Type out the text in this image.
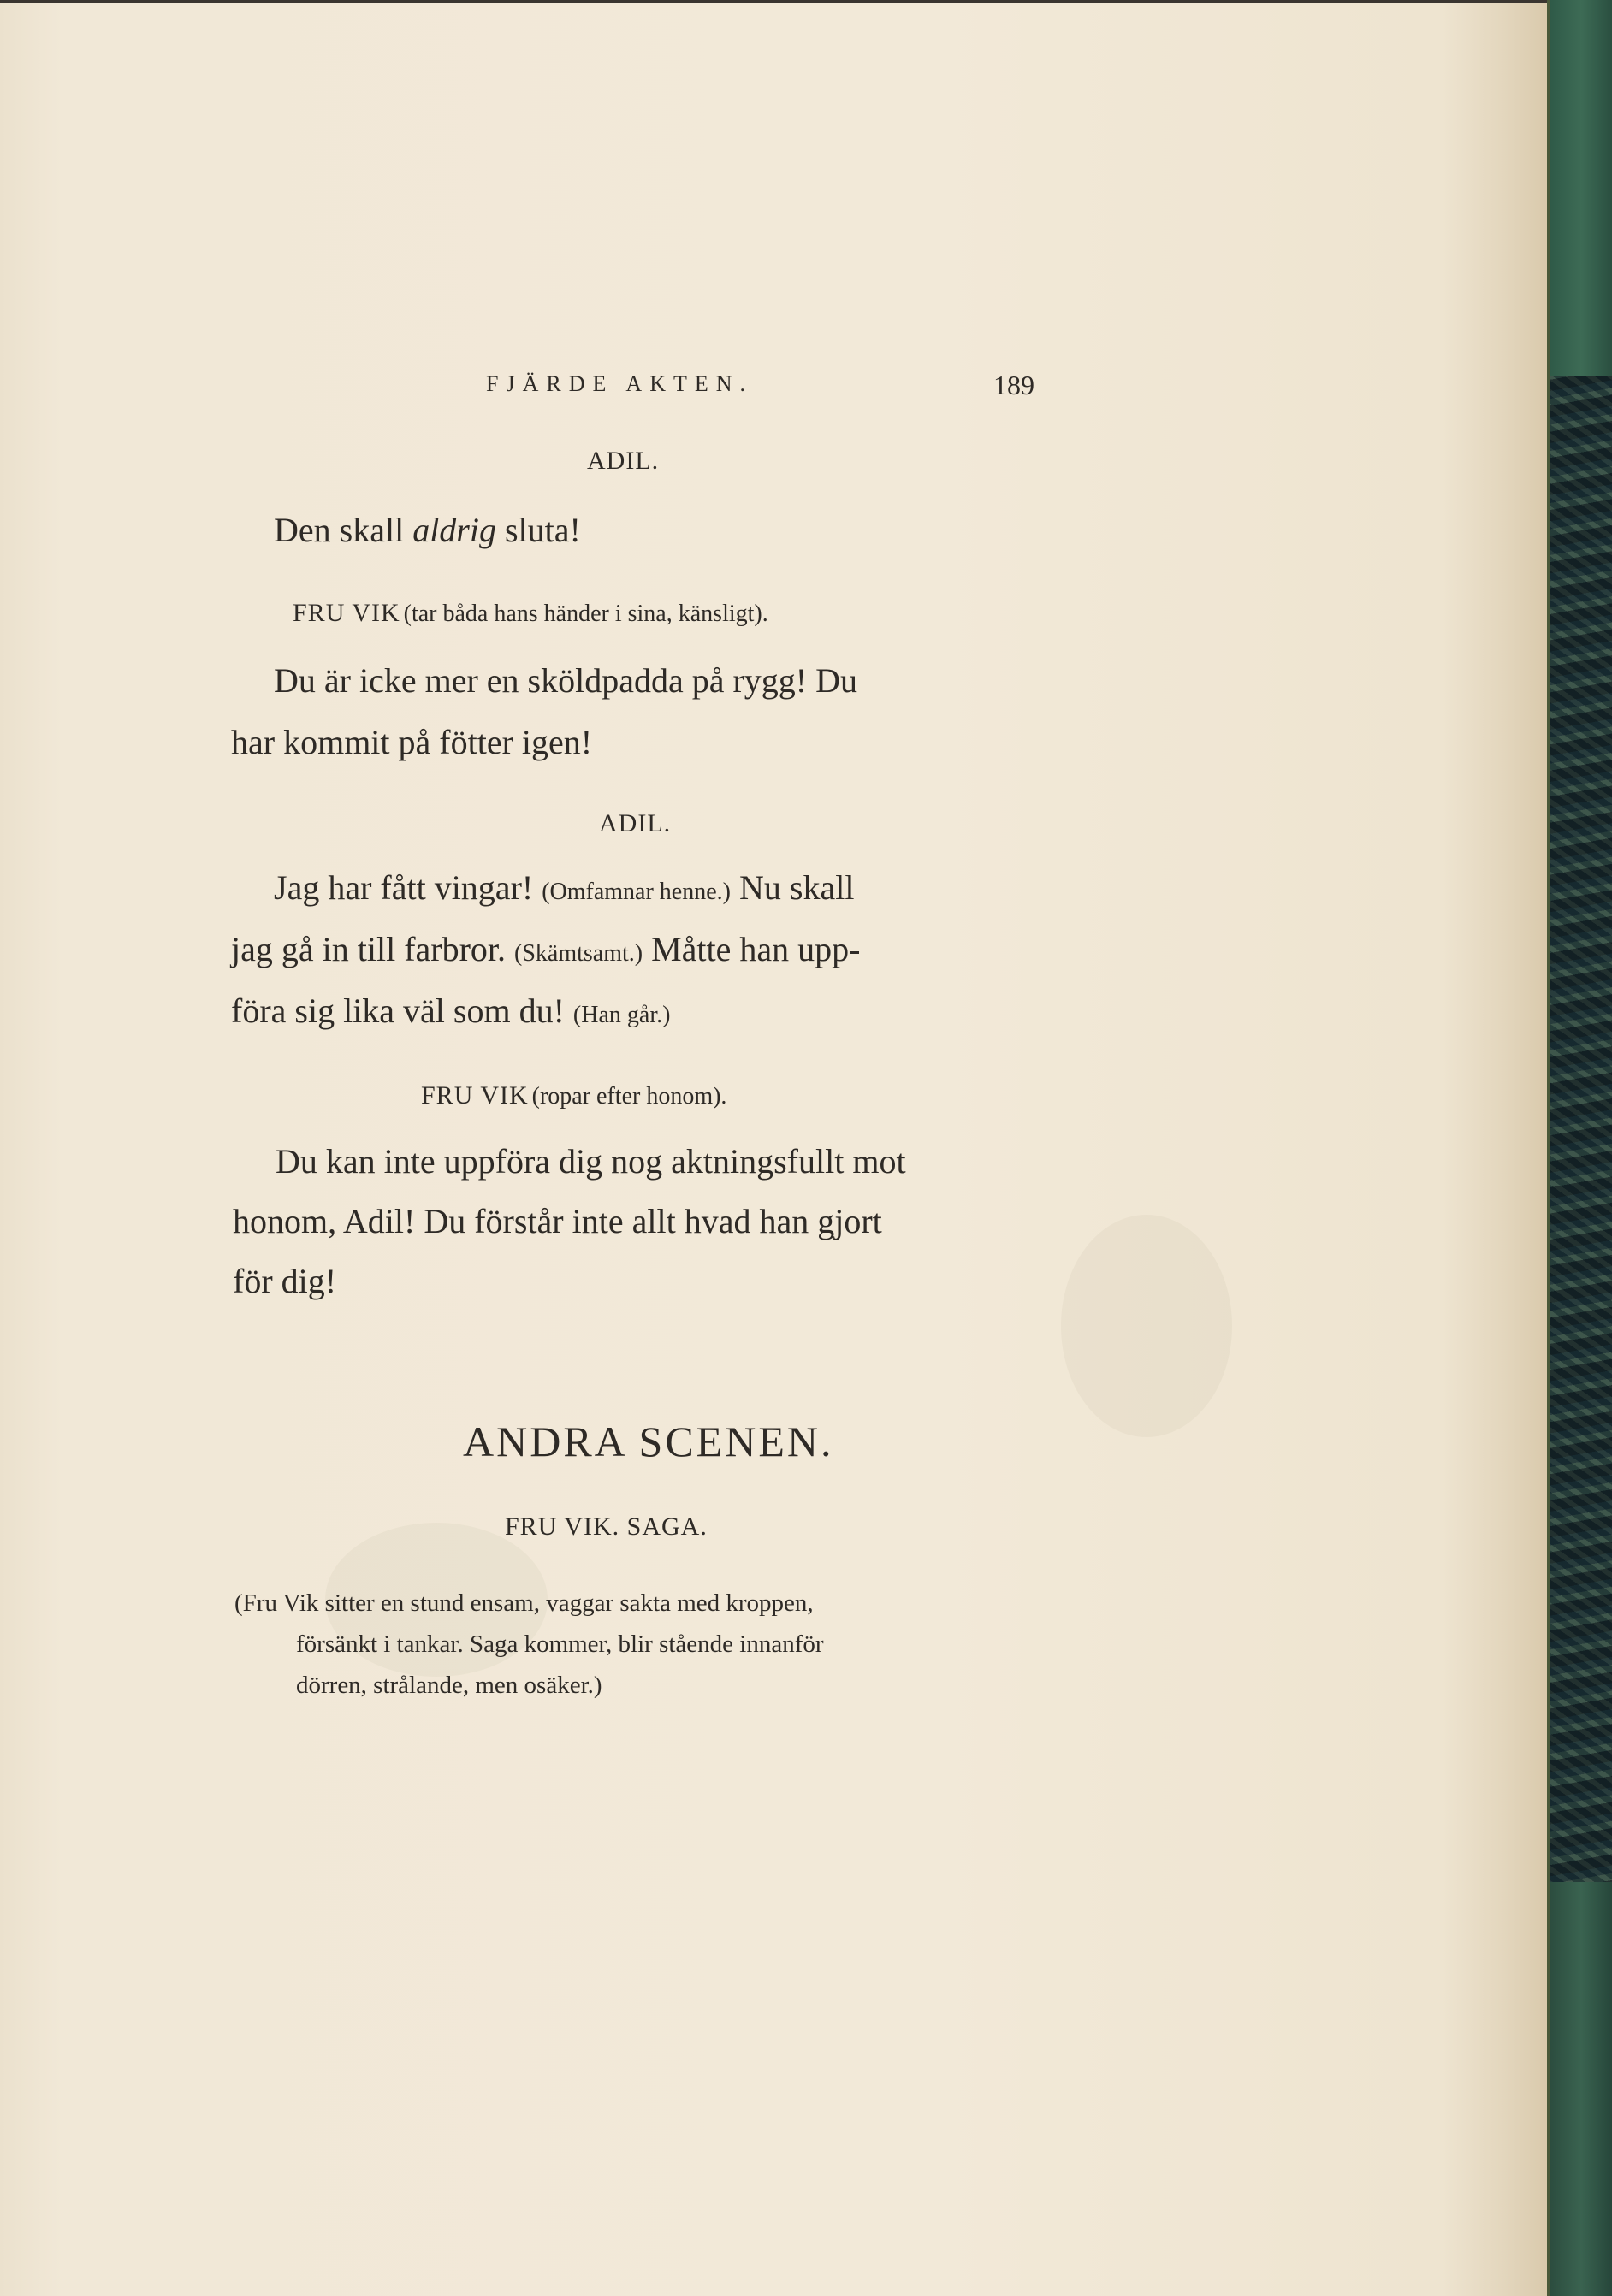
FJÄRDE AKTEN.	189
ADIL.
Den skall aldrig sluta!
FRU VIK (tar båda hans händer i sina, känsligt).
Du är icke mer en sköldpadda på rygg! Du
har kommit på fötter igen!
ADIL.
Jag har fått vingar! (Omfamnar henne.) Nu skall
jag gå in till farbror. (Skämtsamt.) Måtte han upp-
föra sig lika väl som du! (Han går.)
FRU VIK (ropar efter honom).
Du kan inte uppföra dig nog aktningsfullt mot
honom, Adil! Du förstår inte allt hvad han gjort
för dig!
ANDRA SCENEN.
FRU VIK. SAGA.
(Fru Vik sitter en stund ensam, vaggar sakta med kroppen,
försänkt i tankar. Saga kommer, blir stående innanför
dörren, strålande, men osäker.)
